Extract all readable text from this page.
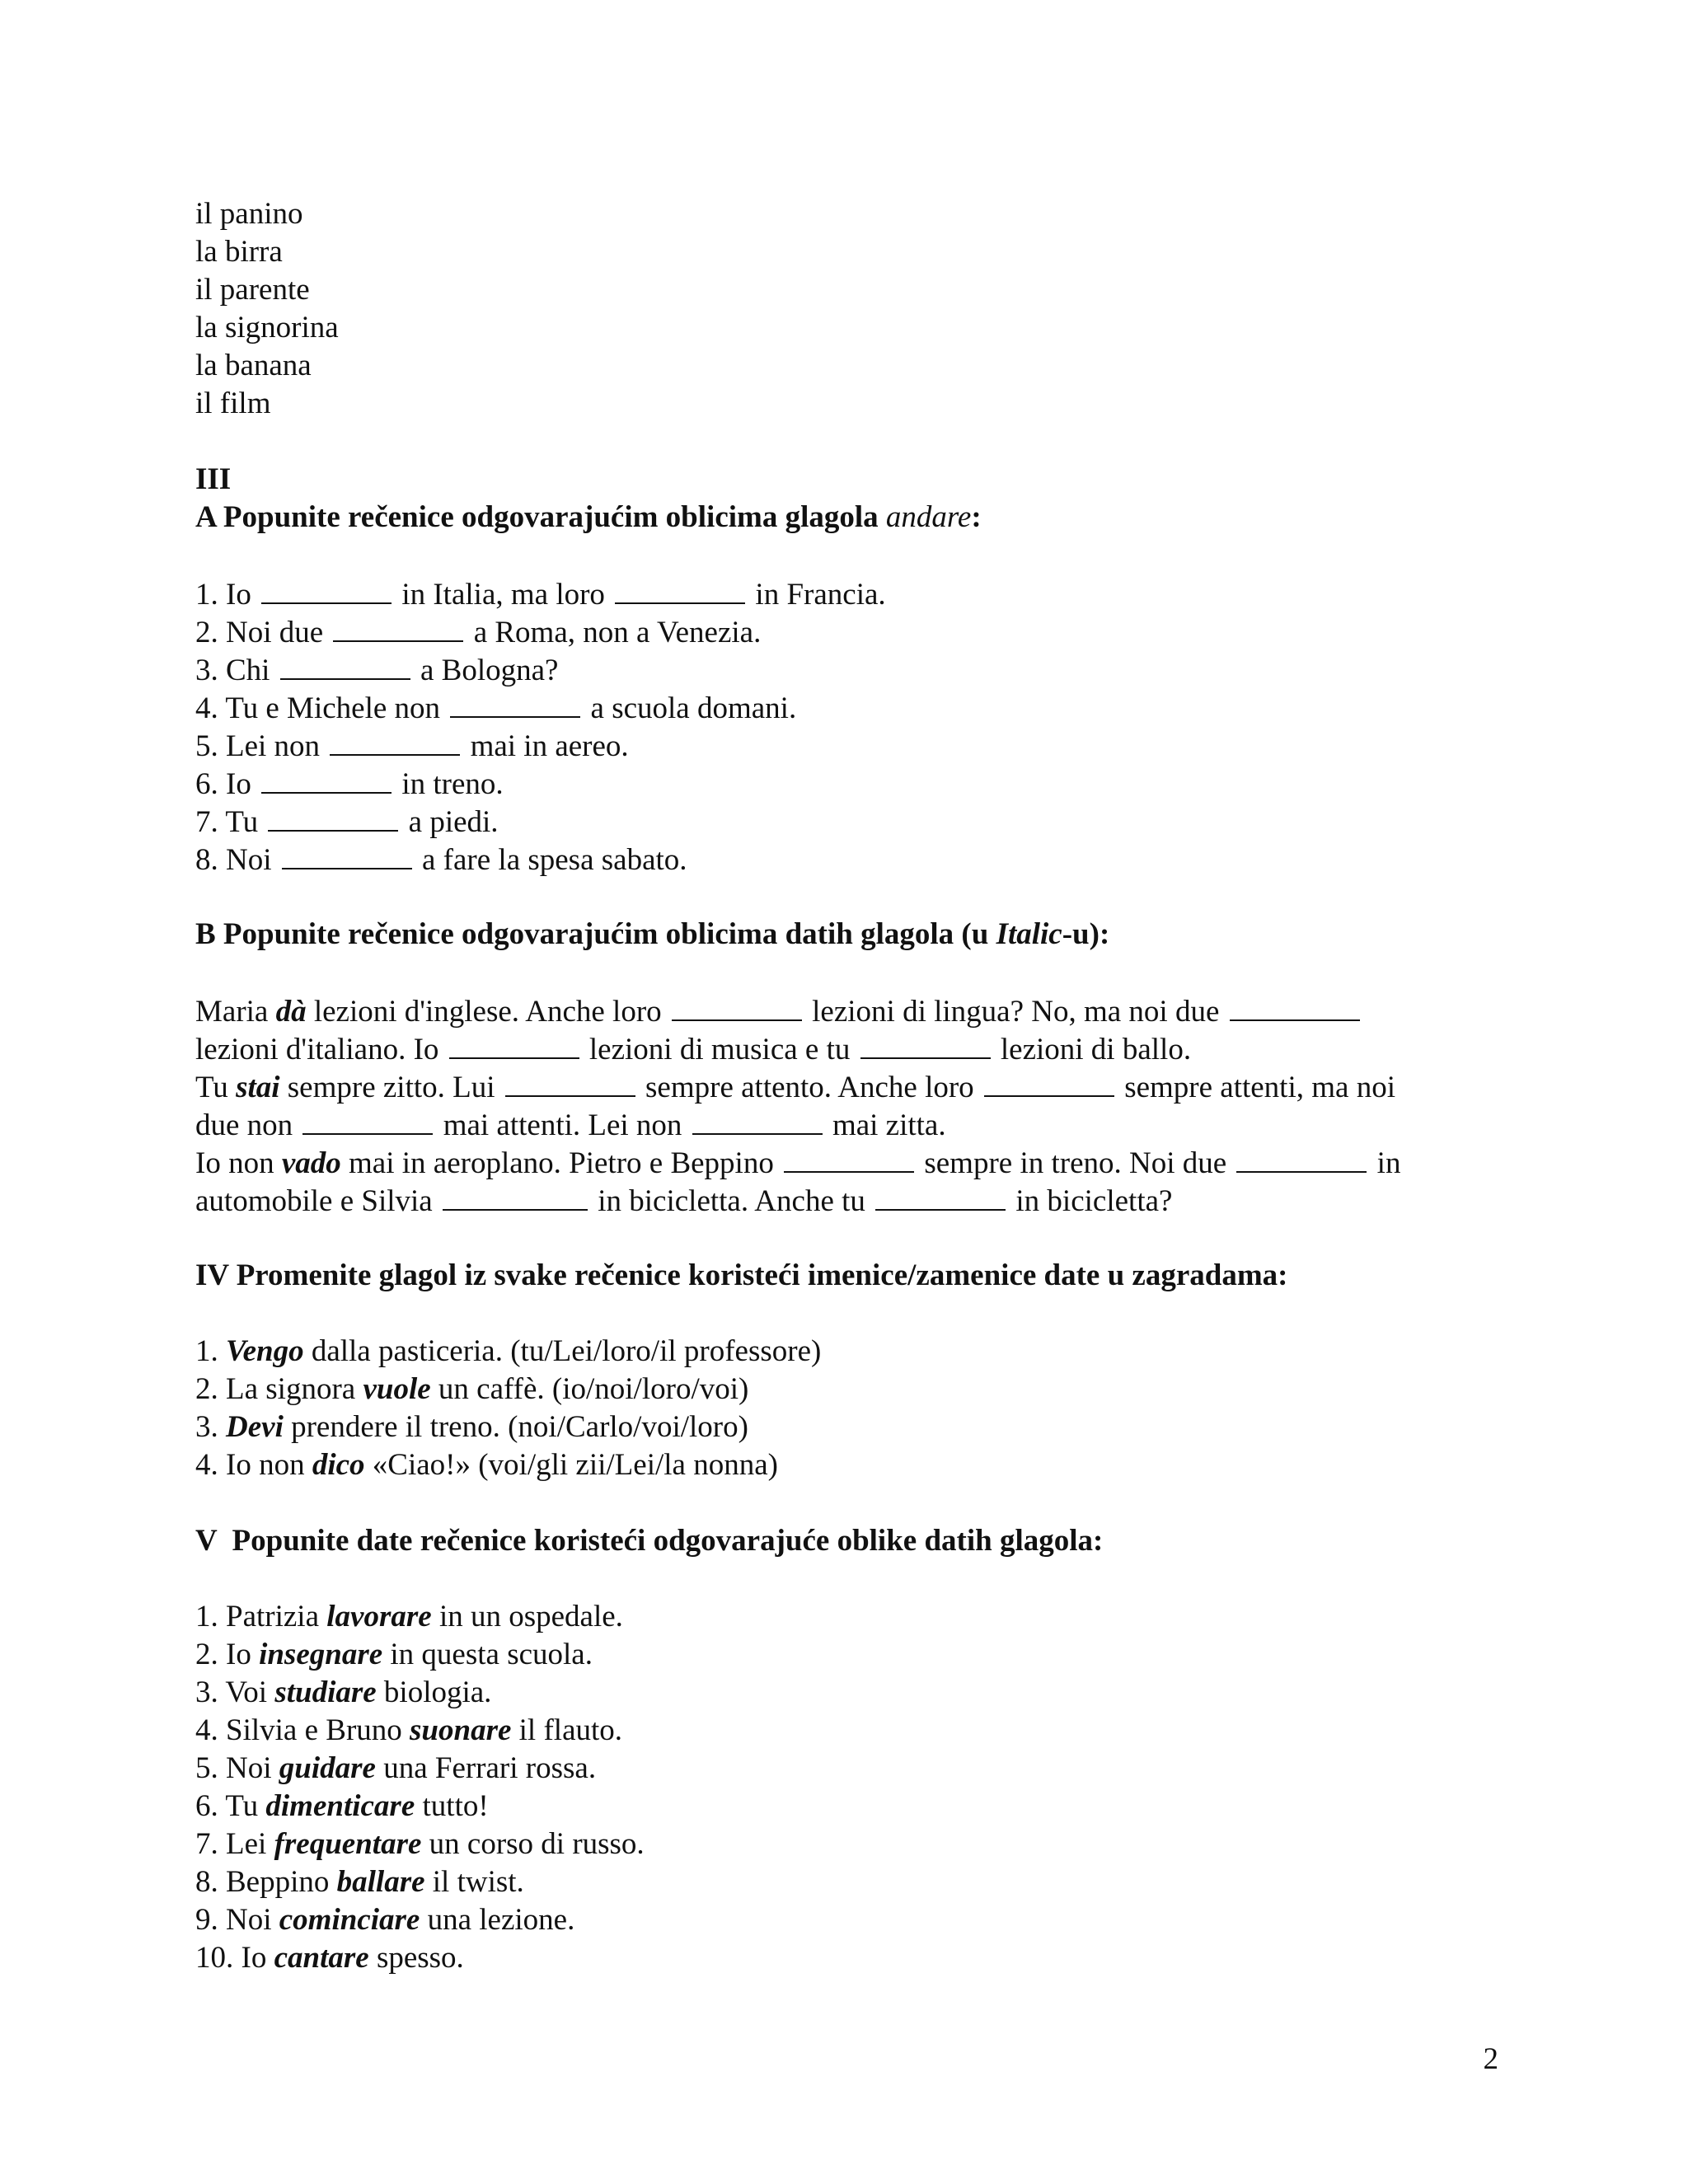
il panino
la birra
il parente
la signorina
la banana
il film
III
A Popunite rečenice odgovarajućim oblicima glagola andare:
1. Io	in Italia, ma loro	in Francia.
2. Noi due	a Roma, non a Venezia.
3. Chi	a Bologna?
4. Tu e Michele non	a scuola domani.
5. Lei non	mai in aereo.
6. Io	in treno.
7. Tu	a piedi.
8. Noi	a fare la spesa sabato.
B Popunite rečenice odgovarajućim oblicima datih glagola (u Italic-u):
Maria dà lezioni d'inglese. Anche loro	lezioni di lingua? No, ma noi due
lezioni d'italiano. Io	lezioni di musica e tu	lezioni di ballo.
Tu stai sempre zitto. Lui	sempre attento. Anche loro	sempre attenti, ma noi
due non	mai attenti. Lei non	mai zitta.
Io non vado mai in aeroplano. Pietro e Beppino	sempre in treno. Noi due	in
automobile e Silvia	in bicicletta. Anche tu	in bicicletta?
IV Promenite glagol iz svake rečenice koristeći imenice/zamenice date u zagradama:
1. Vengo dalla pasticeria. (tu/Lei/loro/il professore)
2. La signora vuole un caffè. (io/noi/loro/voi)
3. Devi prendere il treno. (noi/Carlo/voi/loro)
4. Io non dico «Ciao!» (voi/gli zii/Lei/la nonna)
V  Popunite date rečenice koristeći odgovarajuće oblike datih glagola:
1. Patrizia lavorare in un ospedale.
2. Io insegnare in questa scuola.
3. Voi studiare biologia.
4. Silvia e Bruno suonare il flauto.
5. Noi guidare una Ferrari rossa.
6. Tu dimenticare tutto!
7. Lei frequentare un corso di russo.
8. Beppino ballare il twist.
9. Noi cominciare una lezione.
10. Io cantare spesso.
2
